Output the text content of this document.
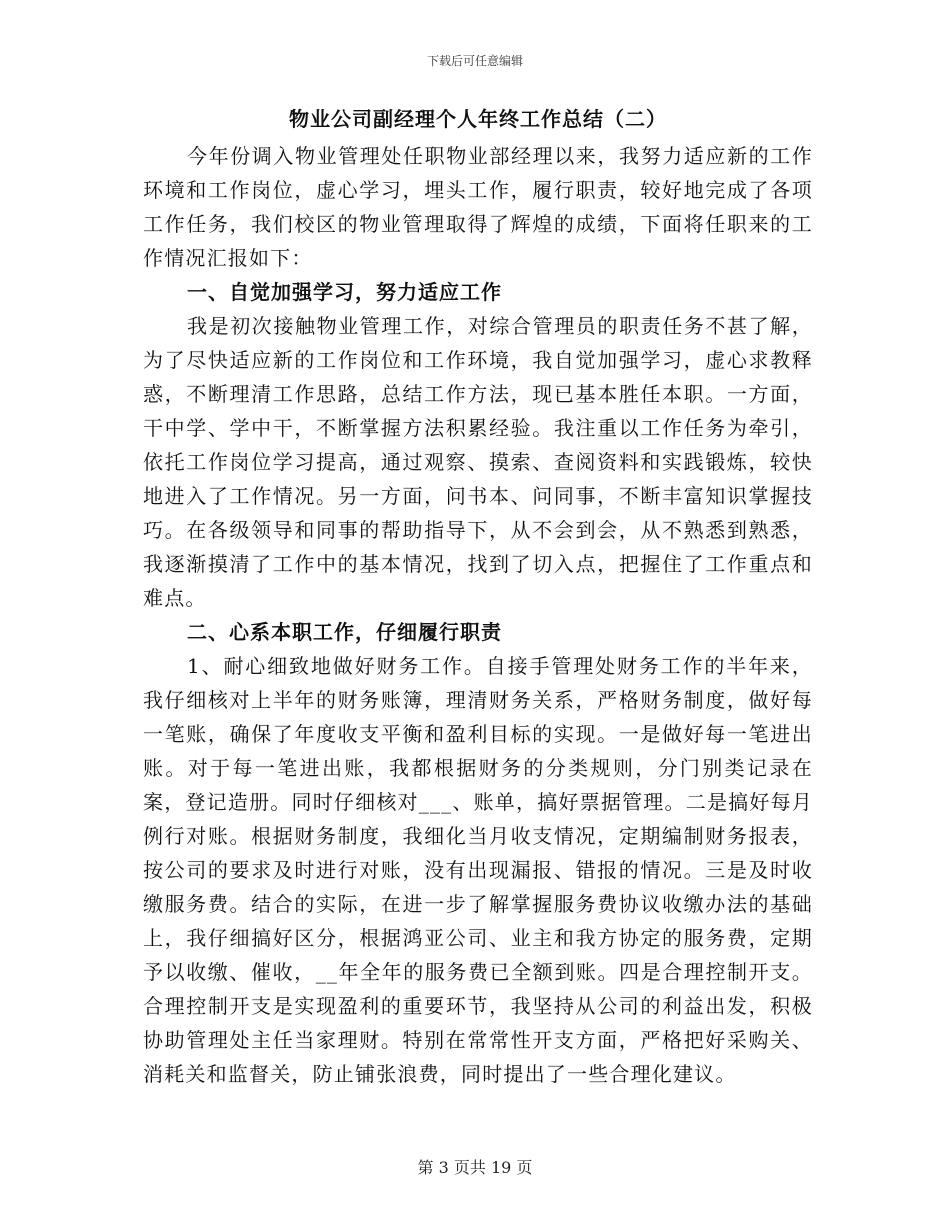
下载后可任意编辑
物业公司副经理个人年终工作总结（二）

今年份调入物业管理处任职物业部经理以来，我努力适应新的工作环境和工作岗位，虚心学习，埋头工作，履行职责，较好地完成了各项工作任务，我们校区的物业管理取得了辉煌的成绩，下面将任职来的工作情况汇报如下：

一、自觉加强学习，努力适应工作

我是初次接触物业管理工作，对综合管理员的职责任务不甚了解，为了尽快适应新的工作岗位和工作环境，我自觉加强学习，虚心求教释惑，不断理清工作思路，总结工作方法，现已基本胜任本职。一方面，干中学、学中干，不断掌握方法积累经验。我注重以工作任务为牵引，依托工作岗位学习提高，通过观察、摸索、查阅资料和实践锻炼，较快地进入了工作情况。另一方面，问书本、问同事，不断丰富知识掌握技巧。在各级领导和同事的帮助指导下，从不会到会，从不熟悉到熟悉，我逐渐摸清了工作中的基本情况，找到了切入点，把握住了工作重点和难点。

二、心系本职工作，仔细履行职责

1、耐心细致地做好财务工作。自接手管理处财务工作的半年来，我仔细核对上半年的财务账簿，理清财务关系，严格财务制度，做好每一笔账，确保了年度收支平衡和盈利目标的实现。一是做好每一笔进出账。对于每一笔进出账，我都根据财务的分类规则，分门别类记录在案，登记造册。同时仔细核对___、账单，搞好票据管理。二是搞好每月例行对账。根据财务制度，我细化当月收支情况，定期编制财务报表，按公司的要求及时进行对账，没有出现漏报、错报的情况。三是及时收缴服务费。结合的实际，在进一步了解掌握服务费协议收缴办法的基础上，我仔细搞好区分，根据鸿亚公司、业主和我方协定的服务费，定期予以收缴、催收，__年全年的服务费已全额到账。四是合理控制开支。合理控制开支是实现盈利的重要环节，我坚持从公司的利益出发，积极协助管理处主任当家理财。特别在常常性开支方面，严格把好采购关、消耗关和监督关，防止铺张浪费，同时提出了一些合理化建议。

第 3 页共 19 页
